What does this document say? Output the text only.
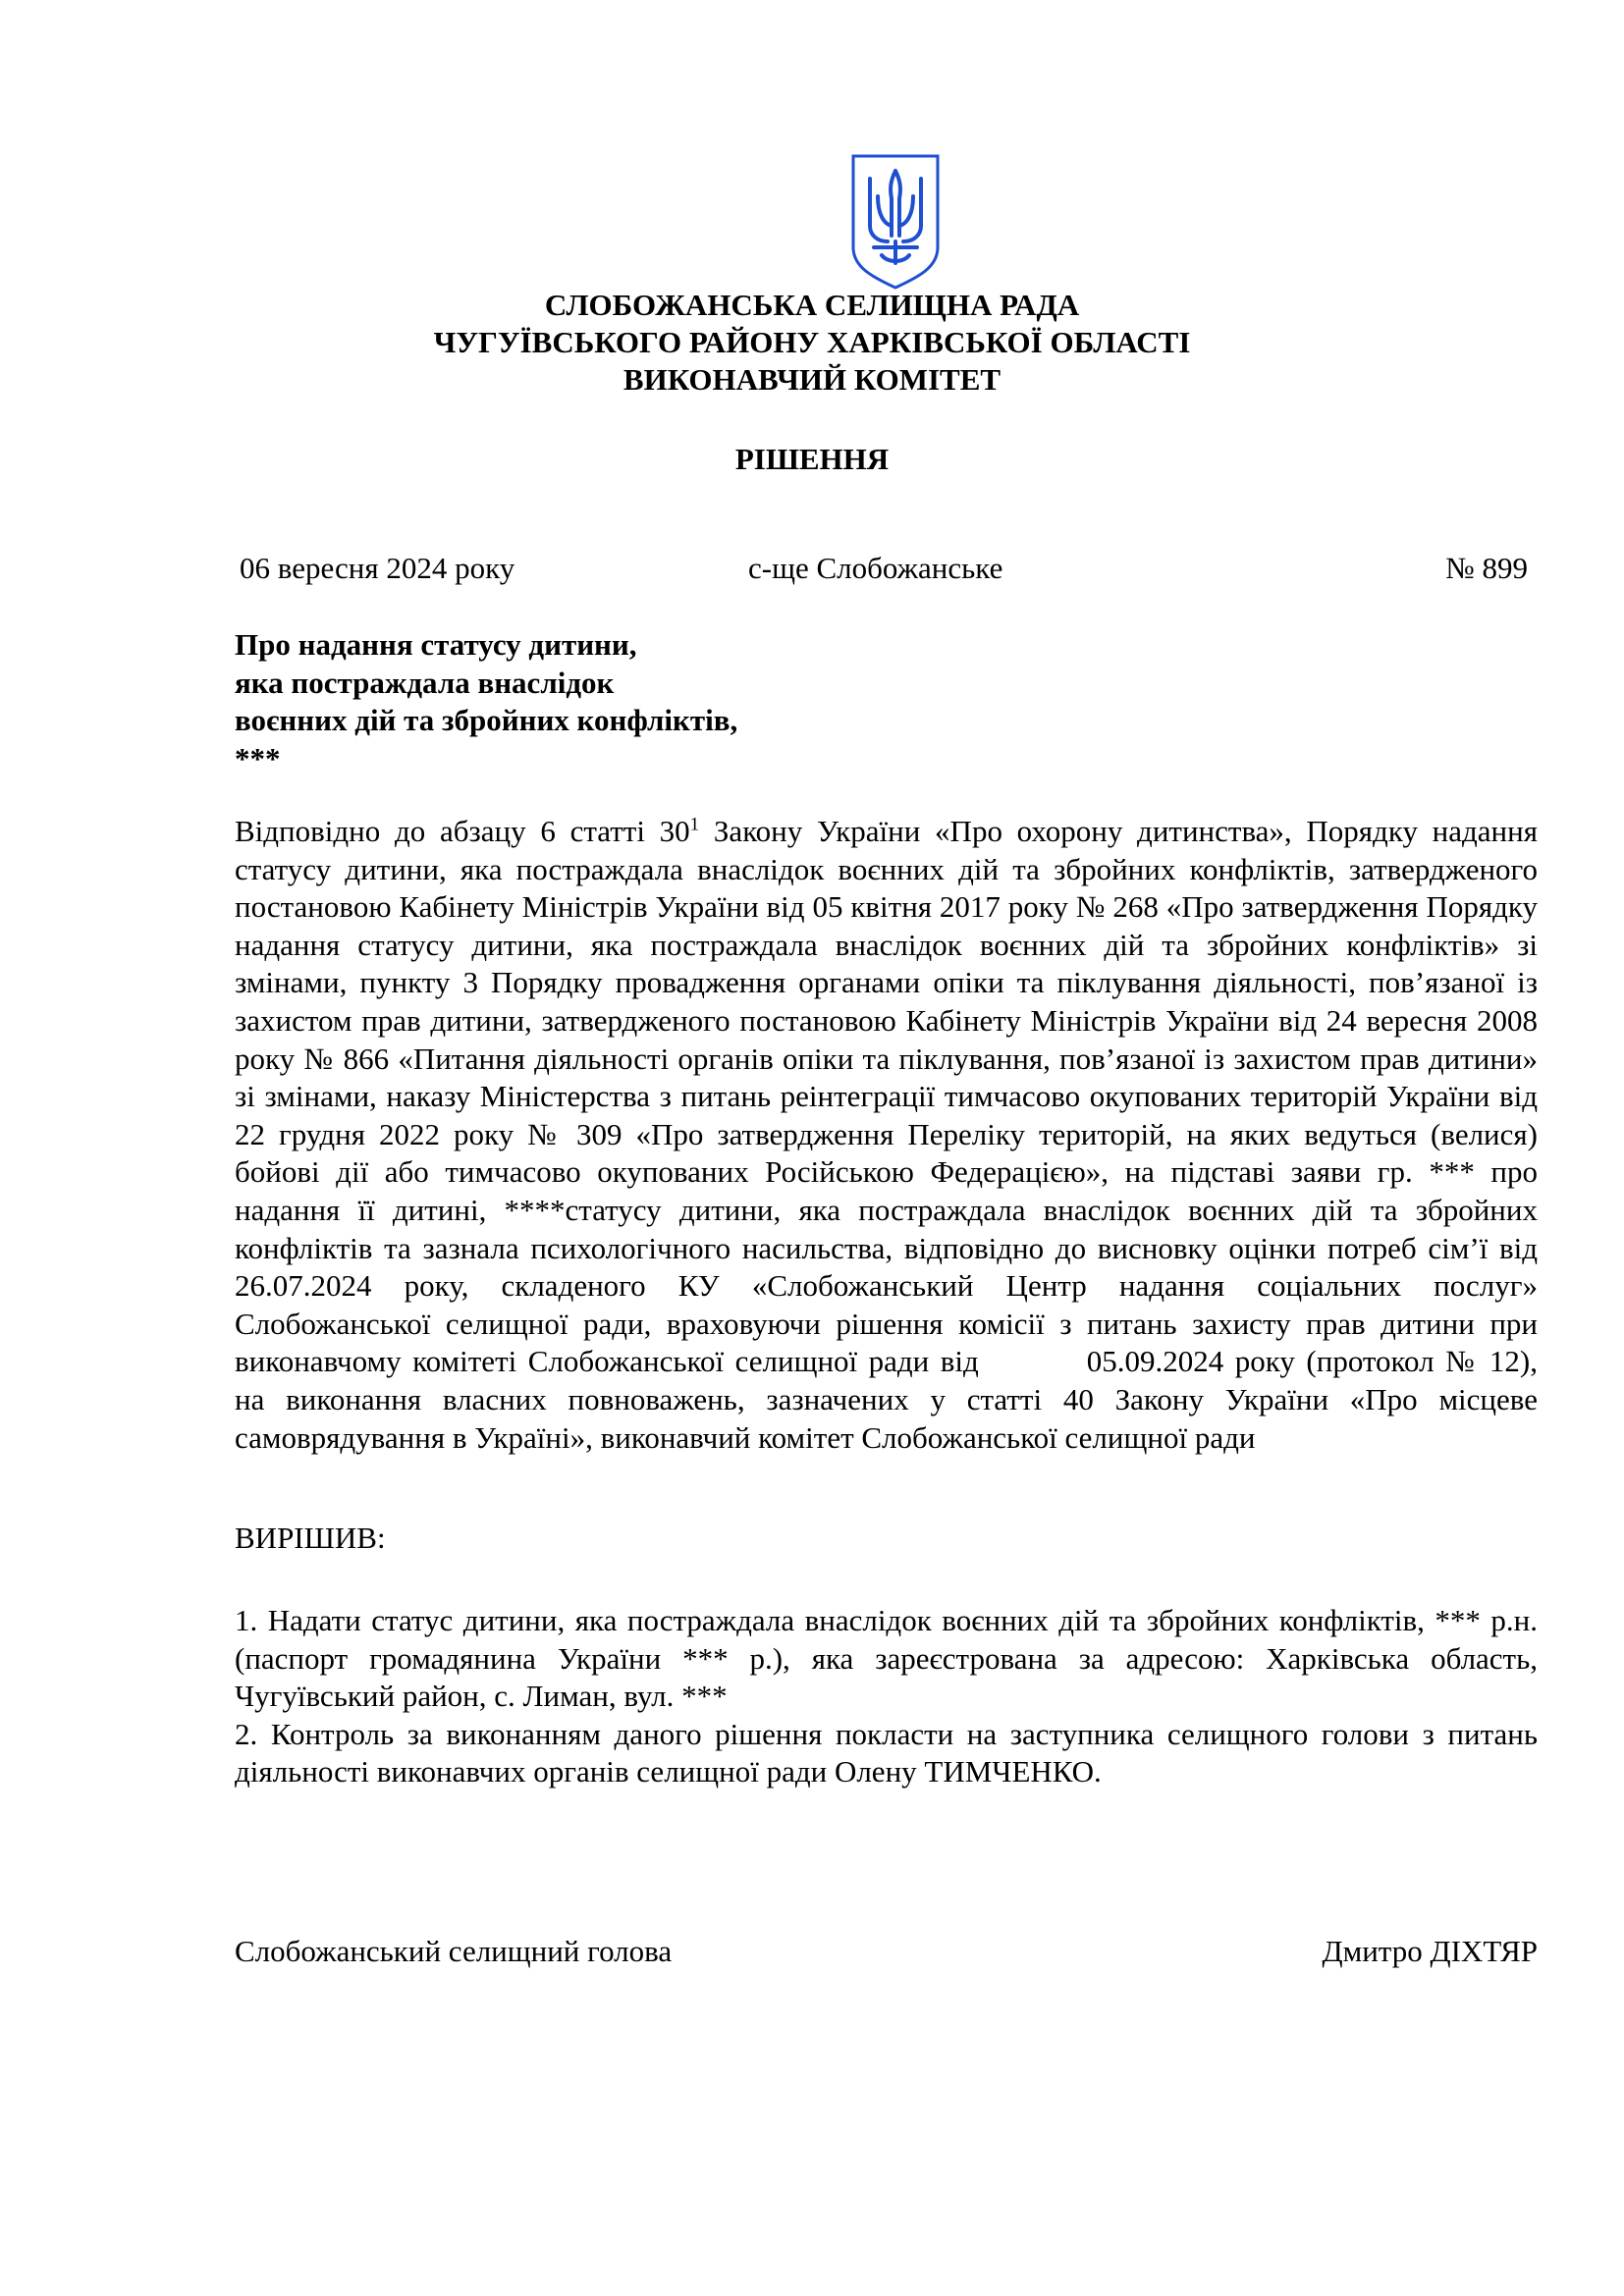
СЛОБОЖАНСЬКА СЕЛИЩНА РАДА
ЧУГУЇВСЬКОГО РАЙОНУ ХАРКІВСЬКОЇ ОБЛАСТІ
ВИКОНАВЧИЙ КОМІТЕТ
РІШЕННЯ
06 вересня 2024 року	с-ще Слобожанське	№ 899
Про надання статусу дитини,
яка постраждала внаслідок
воєнних дій та збройних конфліктів,
***

Відповідно до абзацу 6 статті $30^1$ Закону України «Про охорону дитинства», Порядку надання статусу дитини, яка постраждала внаслідок воєнних дій та збройних конфліктів, затвердженого постановою Кабінету Міністрів України від 05 квітня 2017 року № 268 «Про затвердження Порядку надання статусу дитини, яка постраждала внаслідок воєнних дій та збройних конфліктів» зі змінами, пункту 3 Порядку провадження органами опіки та піклування діяльності, пов’язаної із захистом прав дитини, затвердженого постановою Кабінету Міністрів України від 24 вересня 2008 року № 866 «Питання діяльності органів опіки та піклування, пов’язаної із захистом прав дитини» зі змінами, наказу Міністерства з питань реінтеграції тимчасово окупованих територій України від 22 грудня 2022 року № 309 «Про затвердження Переліку територій, на яких ведуться (велися) бойові дії або тимчасово окупованих Російською Федерацією», на підставі заяви гр. *** про надання її дитині, ****статусу дитини, яка постраждала внаслідок воєнних дій та збройних конфліктів та зазнала психологічного насильства, відповідно до висновку оцінки потреб сім’ї від 26.07.2024 року, складеного КУ «Слобожанський Центр надання соціальних послуг» Слобожанської селищної ради, враховуючи рішення комісії з питань захисту прав дитини при виконавчому комітеті Слобожанської селищної ради від	05.09.2024 року (протокол № 12), на виконання власних повноважень, зазначених у статті 40 Закону України «Про місцеве самоврядування в Україні», виконавчий комітет Слобожанської селищної ради

ВИРІШИВ:

1. Надати статус дитини, яка постраждала внаслідок воєнних дій та збройних конфліктів, *** р.н. (паспорт громадянина України *** р.), яка зареєстрована за адресою: Харківська область, Чугуївський район, с. Лиман, вул. ***

2. Контроль за виконанням даного рішення покласти на заступника селищного голови з питань діяльності виконавчих органів селищної ради Олену ТИМЧЕНКО.

Слобожанський селищний голова	Дмитро ДІХТЯР
